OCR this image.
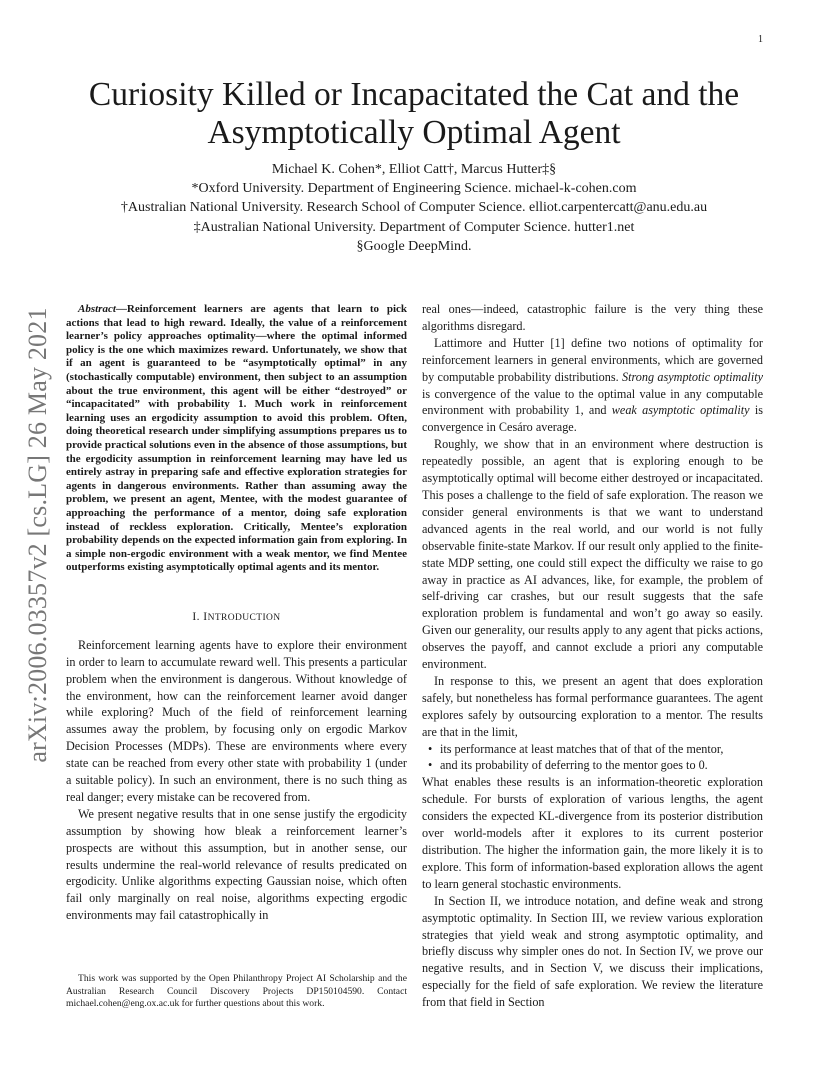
1
arXiv:2006.03357v2 [cs.LG] 26 May 2021
Curiosity Killed or Incapacitated the Cat and the Asymptotically Optimal Agent
Michael K. Cohen*, Elliot Catt†, Marcus Hutter‡§
*Oxford University. Department of Engineering Science. michael-k-cohen.com
†Australian National University. Research School of Computer Science. elliot.carpentercatt@anu.edu.au
‡Australian National University. Department of Computer Science. hutter1.net
§Google DeepMind.

Abstract—Reinforcement learners are agents that learn to pick actions that lead to high reward. Ideally, the value of a reinforcement learner’s policy approaches optimality—where the optimal informed policy is the one which maximizes reward. Unfortunately, we show that if an agent is guaranteed to be “asymptotically optimal” in any (stochastically computable) environment, then subject to an assumption about the true environment, this agent will be either “destroyed” or “incapacitated” with probability 1. Much work in reinforcement learning uses an ergodicity assumption to avoid this problem. Often, doing theoretical research under simplifying assumptions prepares us to provide practical solutions even in the absence of those assumptions, but the ergodicity assumption in reinforcement learning may have led us entirely astray in preparing safe and effective exploration strategies for agents in dangerous environments. Rather than assuming away the problem, we present an agent, Mentee, with the modest guarantee of approaching the performance of a mentor, doing safe exploration instead of reckless exploration. Critically, Mentee’s exploration probability depends on the expected information gain from exploring. In a simple non-ergodic environment with a weak mentor, we find Mentee outperforms existing asymptotically optimal agents and its mentor.

I. INTRODUCTION

Reinforcement learning agents have to explore their environment in order to learn to accumulate reward well. This presents a particular problem when the environment is dangerous. Without knowledge of the environment, how can the reinforcement learner avoid danger while exploring? Much of the field of reinforcement learning assumes away the problem, by focusing only on ergodic Markov Decision Processes (MDPs). These are environments where every state can be reached from every other state with probability 1 (under a suitable policy). In such an environment, there is no such thing as real danger; every mistake can be recovered from.

We present negative results that in one sense justify the ergodicity assumption by showing how bleak a reinforcement learner’s prospects are without this assumption, but in another sense, our results undermine the real-world relevance of results predicated on ergodicity. Unlike algorithms expecting Gaussian noise, which often fail only marginally on real noise, algorithms expecting ergodic environments may fail catastrophically in

This work was supported by the Open Philanthropy Project AI Scholarship and the Australian Research Council Discovery Projects DP150104590. Contact michael.cohen@eng.ox.ac.uk for further questions about this work.

real ones—indeed, catastrophic failure is the very thing these algorithms disregard.

Lattimore and Hutter [1] define two notions of optimality for reinforcement learners in general environments, which are governed by computable probability distributions. Strong asymptotic optimality is convergence of the value to the optimal value in any computable environment with probability 1, and weak asymptotic optimality is convergence in Cesáro average.

Roughly, we show that in an environment where destruction is repeatedly possible, an agent that is exploring enough to be asymptotically optimal will become either destroyed or incapacitated. This poses a challenge to the field of safe exploration. The reason we consider general environments is that we want to understand advanced agents in the real world, and our world is not fully observable finite-state Markov. If our result only applied to the finite-state MDP setting, one could still expect the difficulty we raise to go away in practice as AI advances, like, for example, the problem of self-driving car crashes, but our result suggests that the safe exploration problem is fundamental and won’t go away so easily. Given our generality, our results apply to any agent that picks actions, observes the payoff, and cannot exclude a priori any computable environment.

In response to this, we present an agent that does exploration safely, but nonetheless has formal performance guarantees. The agent explores safely by outsourcing exploration to a mentor. The results are that in the limit,

• its performance at least matches that of that of the mentor,
• and its probability of deferring to the mentor goes to 0.

What enables these results is an information-theoretic exploration schedule. For bursts of exploration of various lengths, the agent considers the expected KL-divergence from its posterior distribution over world-models after it explores to its current posterior distribution. The higher the information gain, the more likely it is to explore. This form of information-based exploration allows the agent to learn general stochastic environments.

In Section II, we introduce notation, and define weak and strong asymptotic optimality. In Section III, we review various exploration strategies that yield weak and strong asymptotic optimality, and briefly discuss why simpler ones do not. In Section IV, we prove our negative results, and in Section V, we discuss their implications, especially for the field of safe exploration. We review the literature from that field in Section
